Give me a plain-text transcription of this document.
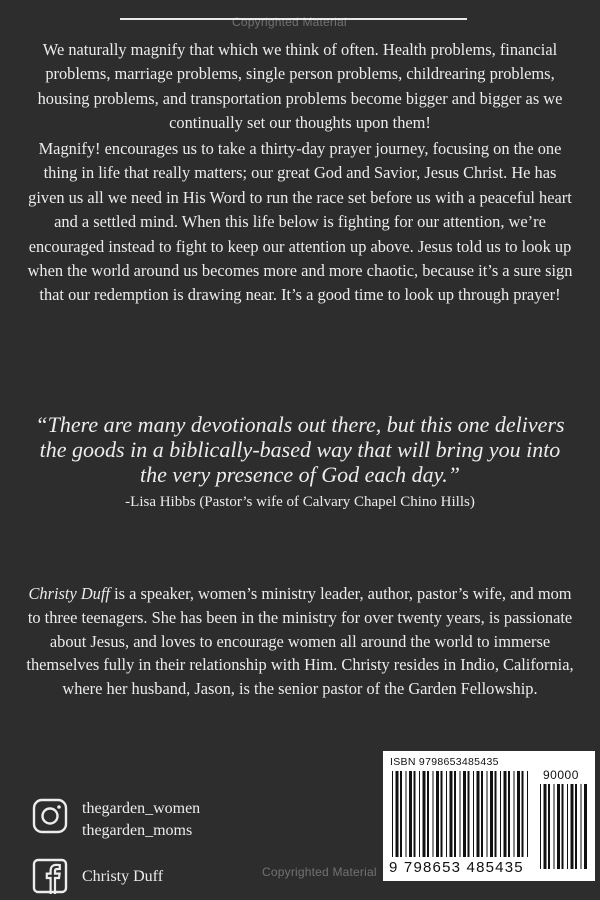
Copyrighted Material

We naturally magnify that which we think of often. Health problems, financial problems, marriage problems, single person problems, childrearing problems, housing problems, and transportation problems become bigger and bigger as we continually set our thoughts upon them!

Magnify! encourages us to take a thirty-day prayer journey, focusing on the one thing in life that really matters; our great God and Savior, Jesus Christ. He has given us all we need in His Word to run the race set before us with a peaceful heart and a settled mind. When this life below is fighting for our attention, we’re encouraged instead to fight to keep our attention up above. Jesus told us to look up when the world around us becomes more and more chaotic, because it’s a sure sign that our redemption is drawing near. It’s a good time to look up through prayer!

“There are many devotionals out there, but this one delivers the goods in a biblically-based way that will bring you into the very presence of God each day.”

-Lisa Hibbs (Pastor’s wife of Calvary Chapel Chino Hills)

Christy Duff is a speaker, women’s ministry leader, author, pastor’s wife, and mom to three teenagers. She has been in the ministry for over twenty years, is passionate about Jesus, and loves to encourage women all around the world to immerse themselves fully in their relationship with Him. Christy resides in Indio, California, where her husband, Jason, is the senior pastor of the Garden Fellowship.

thegarden_women
thegarden_moms
Christy Duff	Copyrighted Material
ISBN 9798653485435
90000
9 798653 485435
